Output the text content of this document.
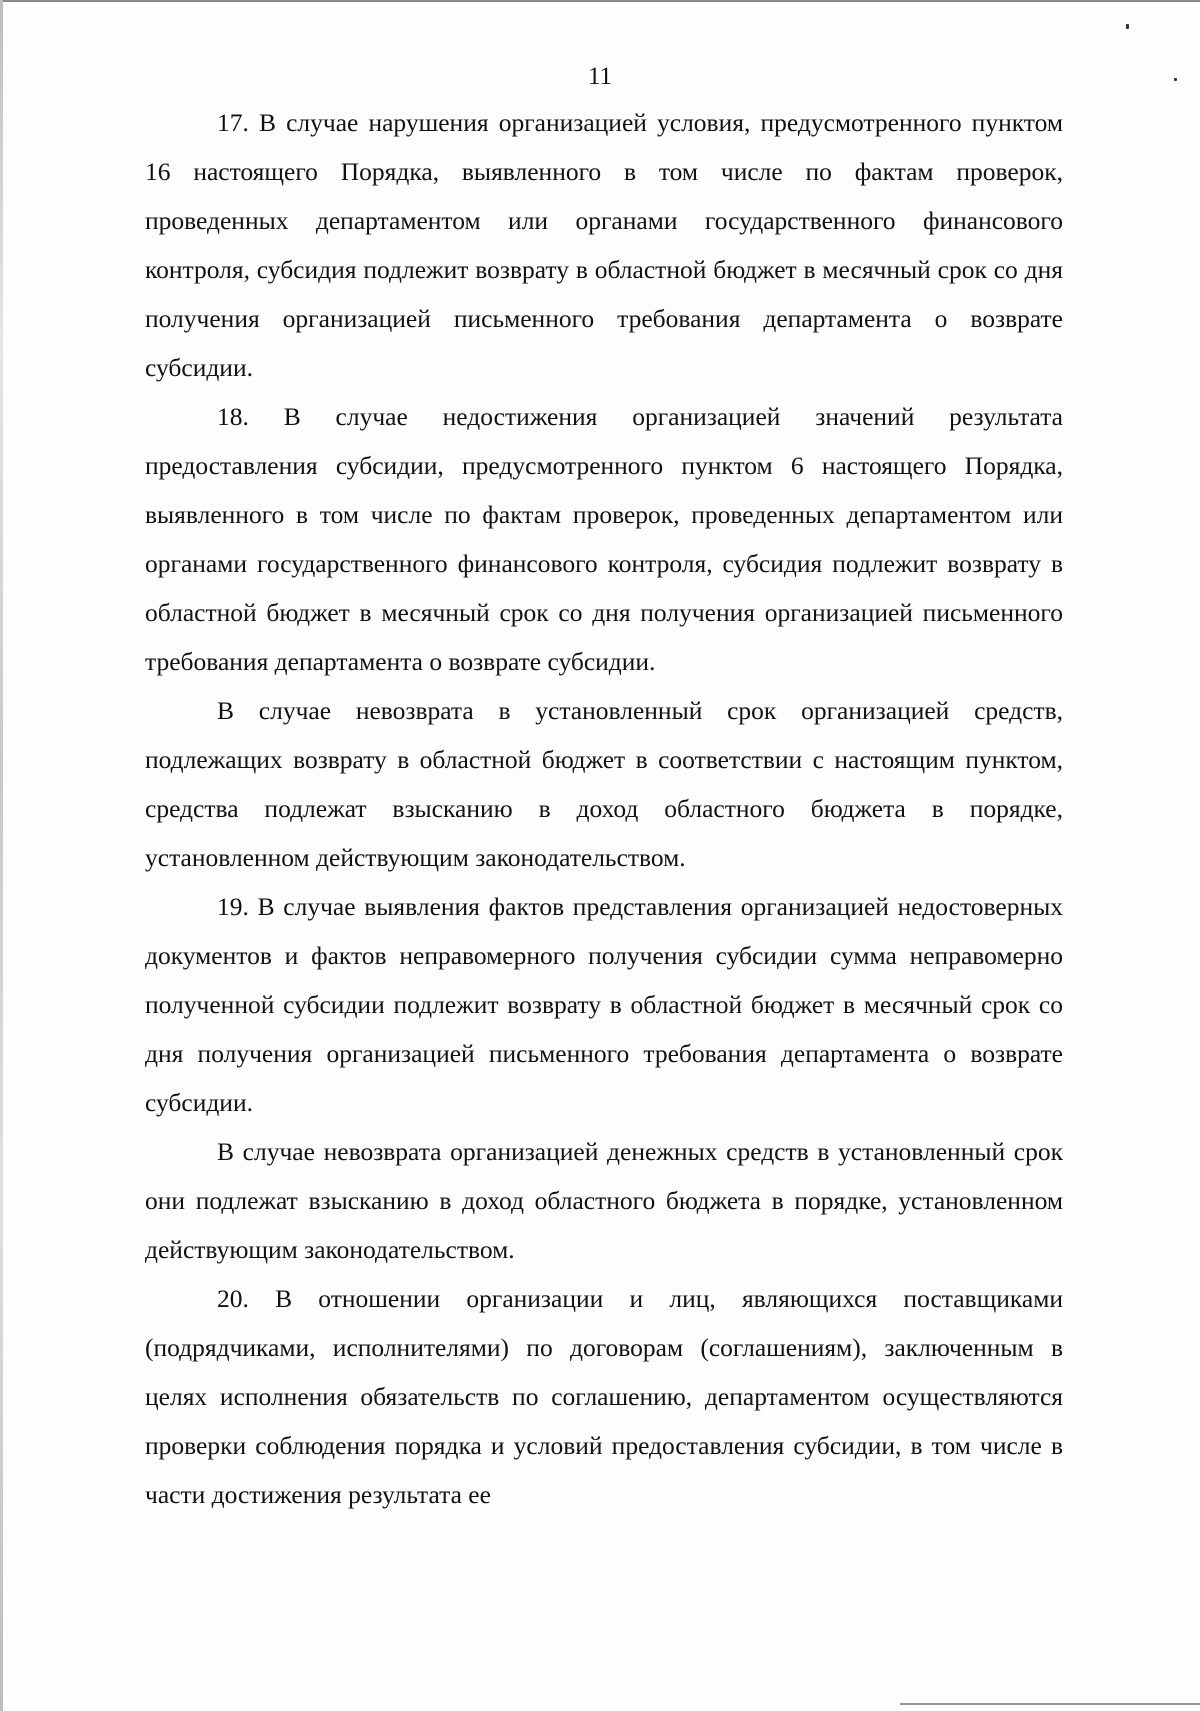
11

17. В случае нарушения организацией условия, предусмотренного пунктом 16 настоящего Порядка, выявленного в том числе по фактам проверок, проведенных департаментом или органами государственного финансового контроля, субсидия подлежит возврату в областной бюджет в месячный срок со дня получения организацией письменного требования департамента о возврате субсидии.

18. В случае недостижения организацией значений результата предоставления субсидии, предусмотренного пунктом 6 настоящего Порядка, выявленного в том числе по фактам проверок, проведенных департаментом или органами государственного финансового контроля, субсидия подлежит возврату в областной бюджет в месячный срок со дня получения организацией письменного требования департамента о возврате субсидии.

В случае невозврата в установленный срок организацией средств, подлежащих возврату в областной бюджет в соответствии с настоящим пунктом, средства подлежат взысканию в доход областного бюджета в порядке, установленном действующим законодательством.

19. В случае выявления фактов представления организацией недостоверных документов и фактов неправомерного получения субсидии сумма неправомерно полученной субсидии подлежит возврату в областной бюджет в месячный срок со дня получения организацией письменного требования департамента о возврате субсидии.

В случае невозврата организацией денежных средств в установленный срок они подлежат взысканию в доход областного бюджета в порядке, установленном действующим законодательством.

20. В отношении организации и лиц, являющихся поставщиками (подрядчиками, исполнителями) по договорам (соглашениям), заключенным в целях исполнения обязательств по соглашению, департаментом осуществляются проверки соблюдения порядка и условий предоставления субсидии, в том числе в части достижения результата ее
